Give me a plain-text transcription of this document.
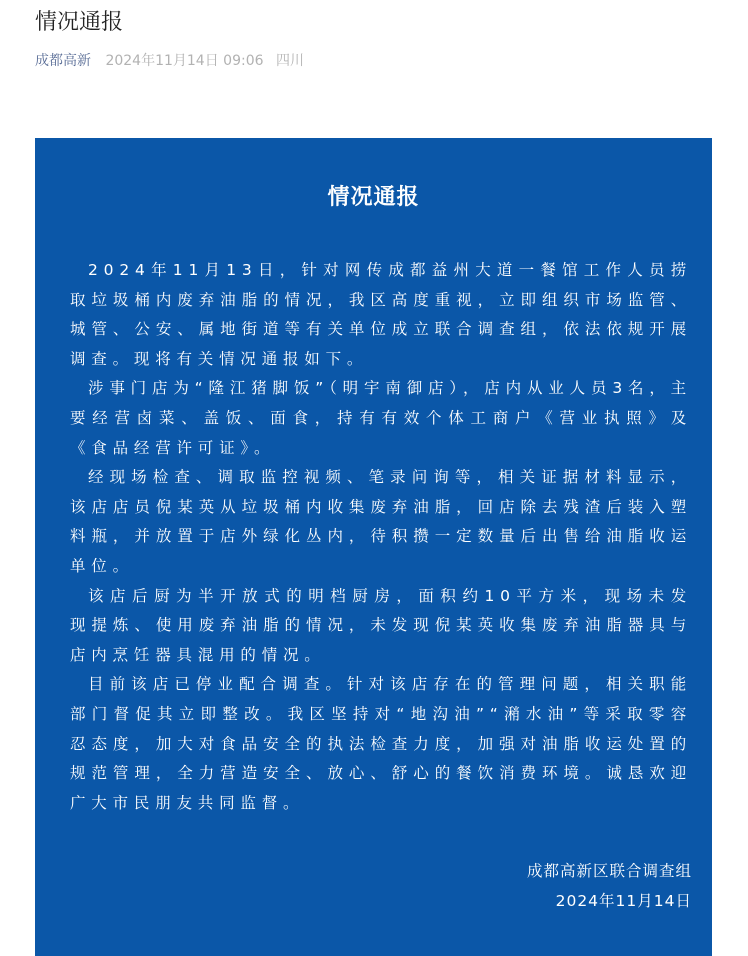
情况通报
成都高新 2024年11月14日 09:06 四川
情况通报

2024年11月13日，针对网传成都益州大道一餐馆工作人员捞取垃圾桶内废弃油脂的情况，我区高度重视，立即组织市场监管、城管、公安、属地街道等有关单位成立联合调查组，依法依规开展调查。现将有关情况通报如下。

涉事门店为“隆江猪脚饭”（明宇南御店），店内从业人员3名，主要经营卤菜、盖饭、面食，持有有效个体工商户《营业执照》及《食品经营许可证》。

经现场检查、调取监控视频、笔录问询等，相关证据材料显示，该店店员倪某英从垃圾桶内收集废弃油脂，回店除去残渣后装入塑料瓶，并放置于店外绿化丛内，待积攒一定数量后出售给油脂收运单位。

该店后厨为半开放式的明档厨房，面积约10平方米，现场未发现提炼、使用废弃油脂的情况，未发现倪某英收集废弃油脂器具与店内烹饪器具混用的情况。

目前该店已停业配合调查。针对该店存在的管理问题，相关职能部门督促其立即整改。我区坚持对“地沟油”“潲水油”等采取零容忍态度，加大对食品安全的执法检查力度，加强对油脂收运处置的规范管理，全力营造安全、放心、舒心的餐饮消费环境。诚恳欢迎广大市民朋友共同监督。

成都高新区联合调查组
2024年11月14日
